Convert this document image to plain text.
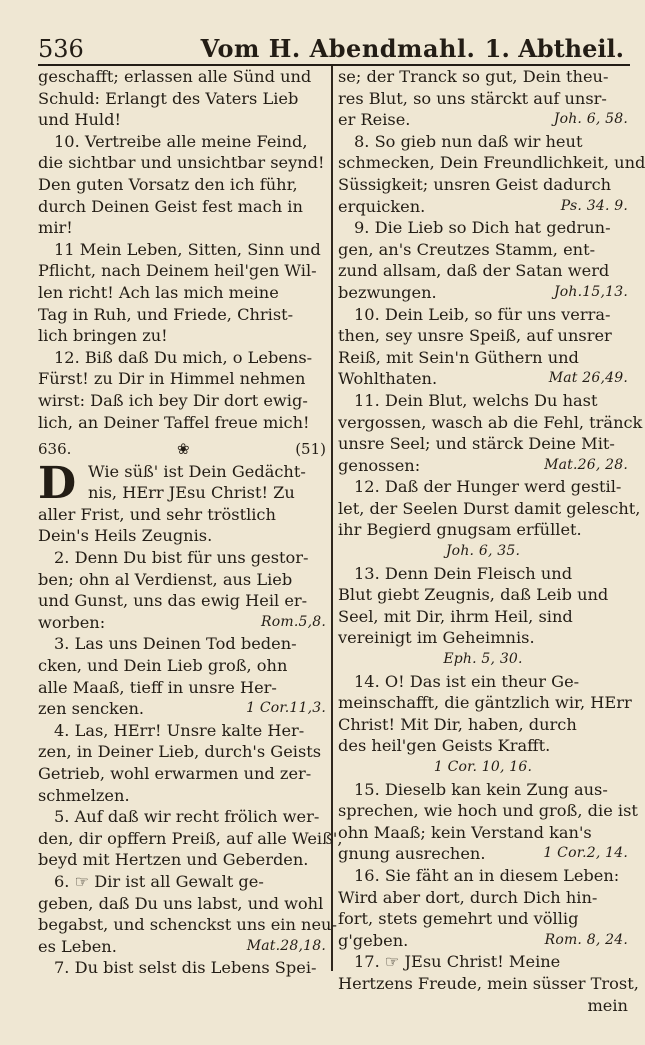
536	Vom H. Abendmahl. 1. Abtheil.
geschafft; erlassen alle Sünd und
Schuld: Erlangt des Vaters Lieb
und Huld!
10. Vertreibe alle meine Feind,
die sichtbar und unsichtbar seynd!
Den guten Vorsatz den ich führ,
durch Deinen Geist fest mach in
mir!
11 Mein Leben, Sitten, Sinn und
Pflicht, nach Deinem heil'gen Wil-
len richt! Ach las mich meine
Tag in Ruh, und Friede, Christ-
lich bringen zu!
12. Biß daß Du mich, o Lebens-
Fürst! zu Dir in Himmel nehmen
wirst: Daß ich bey Dir dort ewig-
lich, an Deiner Taffel freue mich!
636.	❀	(51)
D Wie süß' ist Dein Gedächt-
nis, HErr JEsu Christ! Zu
aller Frist, und sehr tröstlich
Dein's Heils Zeugnis.
2. Denn Du bist für uns gestor-
ben; ohn al Verdienst, aus Lieb
und Gunst, uns das ewig Heil er-
worben:	Rom.5,8.
3. Las uns Deinen Tod beden-
cken, und Dein Lieb groß, ohn
alle Maaß, tieff in unsre Her-
zen sencken.	1 Cor.11,3.
4. Las, HErr! Unsre kalte Her-
zen, in Deiner Lieb, durch's Geists
Getrieb, wohl erwarmen und zer-
schmelzen.
5. Auf daß wir recht frölich wer-
den, dir opffern Preiß, auf alle Weiß',
beyd mit Hertzen und Geberden.
6. ☞ Dir ist all Gewalt ge-
geben, daß Du uns labst, und wohl
begabst, und schenckst uns ein neu-
es Leben.	Mat.28,18.
7. Du bist selst dis Lebens Spei-
se; der Tranck so gut, Dein theu-
res Blut, so uns stärckt auf unsr-
er Reise.	Joh. 6, 58.
8. So gieb nun daß wir heut
schmecken, Dein Freundlichkeit, und
Süssigkeit; unsren Geist dadurch
erquicken.	Ps. 34. 9.
9. Die Lieb so Dich hat gedrun-
gen, an's Creutzes Stamm, ent-
zund allsam, daß der Satan werd
bezwungen.	Joh.15,13.
10. Dein Leib, so für uns verra-
then, sey unsre Speiß, auf unsrer
Reiß, mit Sein'n Güthern und
Wohlthaten.	Mat 26,49.
11. Dein Blut, welchs Du hast
vergossen, wasch ab die Fehl, tränck
unsre Seel; und stärck Deine Mit-
genossen:	Mat.26, 28.
12. Daß der Hunger werd gestil-
let, der Seelen Durst damit gelescht,
ihr Begierd gnugsam erfüllet.
Joh. 6, 35.
13. Denn Dein Fleisch und
Blut giebt Zeugnis, daß Leib und
Seel, mit Dir, ihrm Heil, sind
vereinigt im Geheimnis.
Eph. 5, 30.
14. O! Das ist ein theur Ge-
meinschafft, die gäntzlich wir, HErr
Christ! Mit Dir, haben, durch
des heil'gen Geists Krafft.
1 Cor. 10, 16.
15. Dieselb kan kein Zung aus-
sprechen, wie hoch und groß, die ist
ohn Maaß; kein Verstand kan's
gnung ausrechen.	1 Cor.2, 14.
16. Sie fäht an in diesem Leben:
Wird aber dort, durch Dich hin-
fort, stets gemehrt und völlig
g'geben.	Rom. 8, 24.
17. ☞ JEsu Christ! Meine
Hertzens Freude, mein süsser Trost,
mein
